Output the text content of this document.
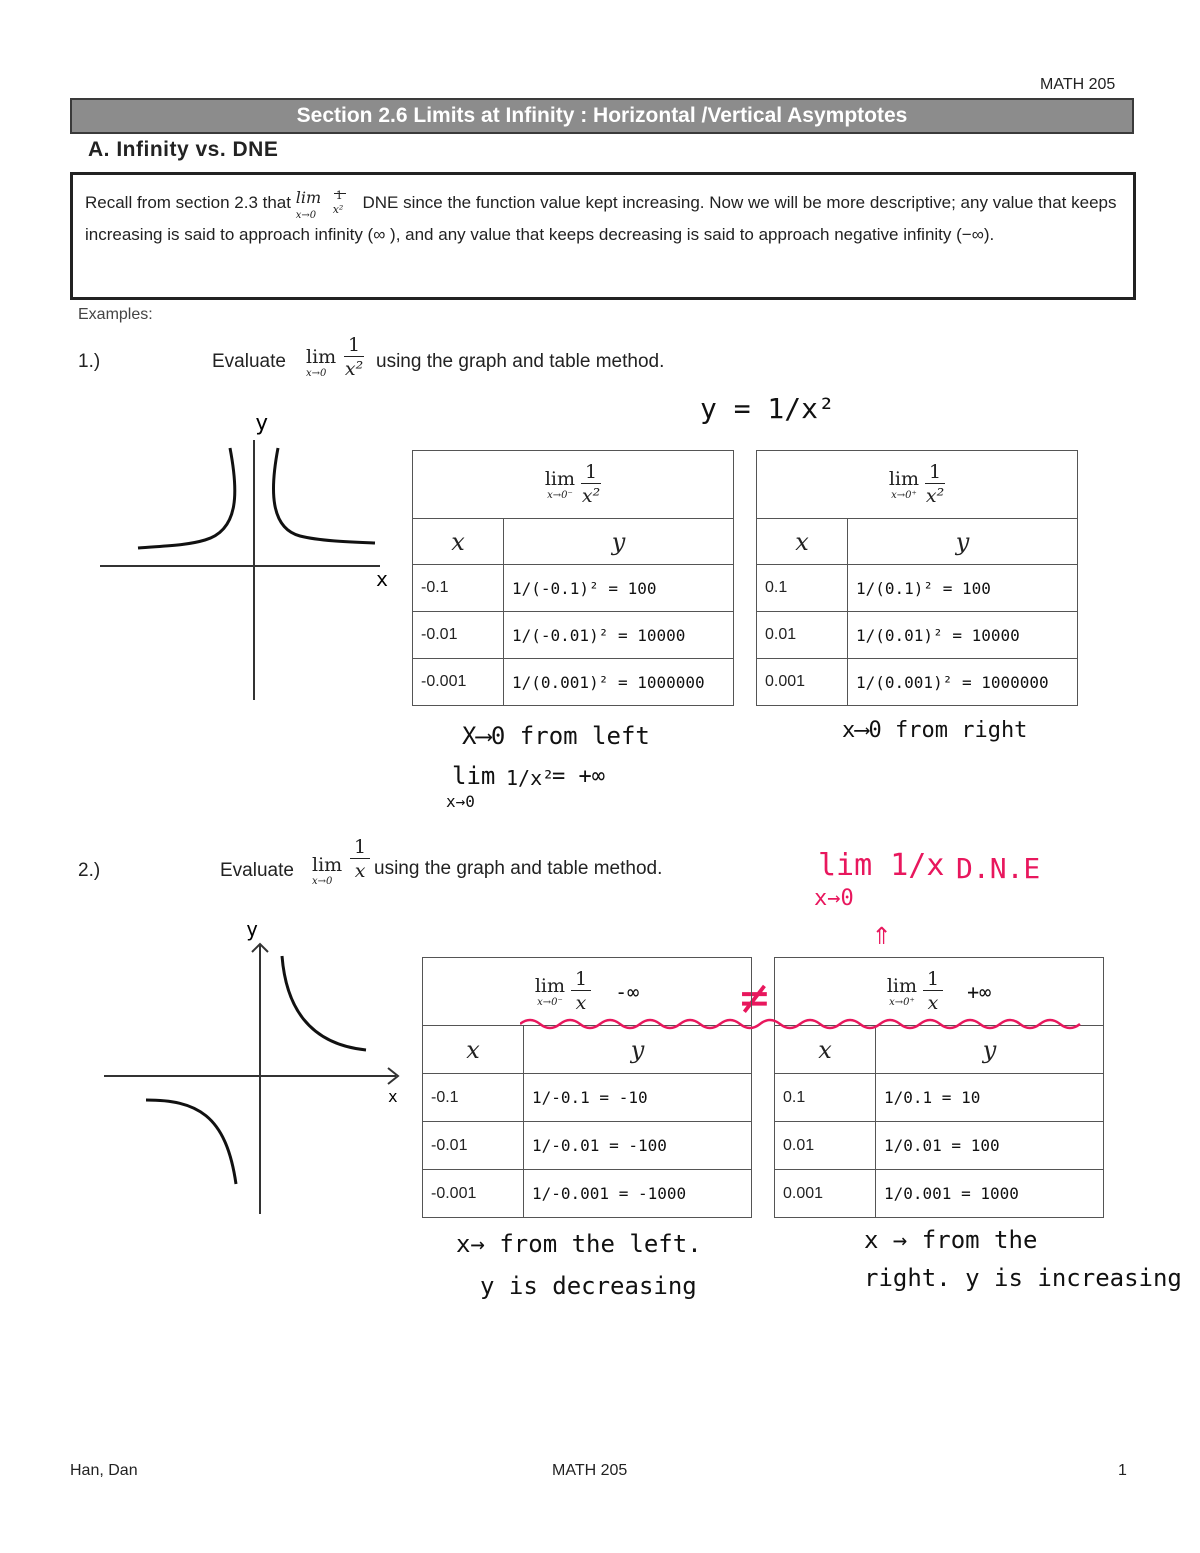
MATH 205
Section 2.6 Limits at Infinity : Horizontal /Vertical Asymptotes
A. Infinity vs. DNE
Recall from section 2.3 that lim
x→0
1
x² DNE since the function value kept increasing. Now we will be more descriptive; any value that keeps increasing is said to approach infinity (∞ ), and any value that keeps decreasing is said to approach negative infinity (−∞).
Examples:
1.)	Evaluate lim
$x\to 0 \frac{1}{\text{x²}}$ using the graph and table method.
y
x
y = 1/x²
lim
$x\to 0^- \frac{1}{\text{x²}}$

x	y
-0.1	1/(-0.1)² = 100
-0.01	1/(-0.01)² = 10000
-0.001	1/(0.001)² = 1000000
lim
$x\to 0^+ \frac{1}{\text{x²}}$

x	y
0.1	1/(0.1)² = 100
0.01	1/(0.01)² = 10000
0.001	1/(0.001)² = 1000000
X⟶0 from left	x⟶0 from right
lim
x→0
1/x²
= +∞
2.)	Evaluate lim
$x\to 0 \frac{1}{x}$ using the graph and table method.	lim 1/x
x→0
D.N.E
⇑
≠
y
x
lim
$x\to 0^- \frac{1}{x}$ -∞	

x	y
-0.1	1/-0.1 = -10
-0.01	1/-0.01 = -100
-0.001	1/-0.001 = -1000
lim
$x\to 0^+ \frac{1}{x}$ +∞	

x	y
0.1	1/0.1 = 10
0.01	1/0.01 = 100
0.001	1/0.001 = 1000
x→ from the left.
y is decreasing
x → from the
right. y is increasing
Han, Dan	MATH 205	1
